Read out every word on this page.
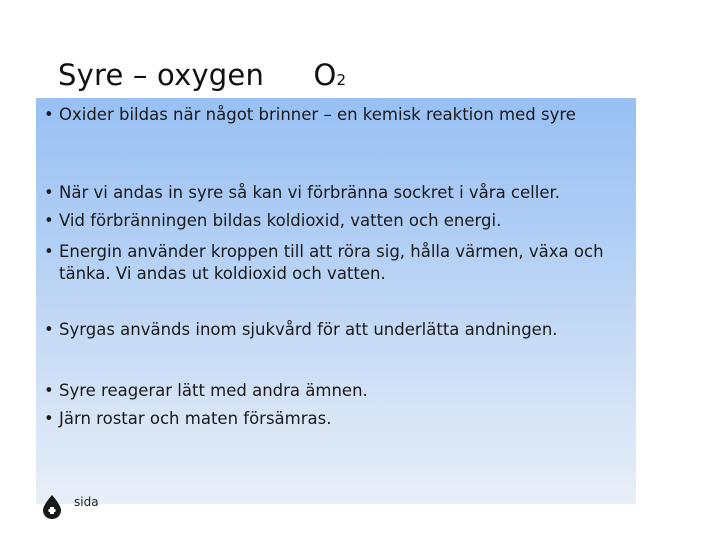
Syre – oxygen O2
• Oxider bildas när något brinner – en kemisk reaktion med syre
• När vi andas in syre så kan vi förbränna sockret i våra celler.
• Vid förbränningen bildas koldioxid, vatten och energi.
• Energin använder kroppen till att röra sig, hålla värmen, växa och tänka. Vi andas ut koldioxid och vatten.
• Syrgas används inom sjukvård för att underlätta andningen.
• Syre reagerar lätt med andra ämnen.
• Järn rostar och maten försämras.
sida
